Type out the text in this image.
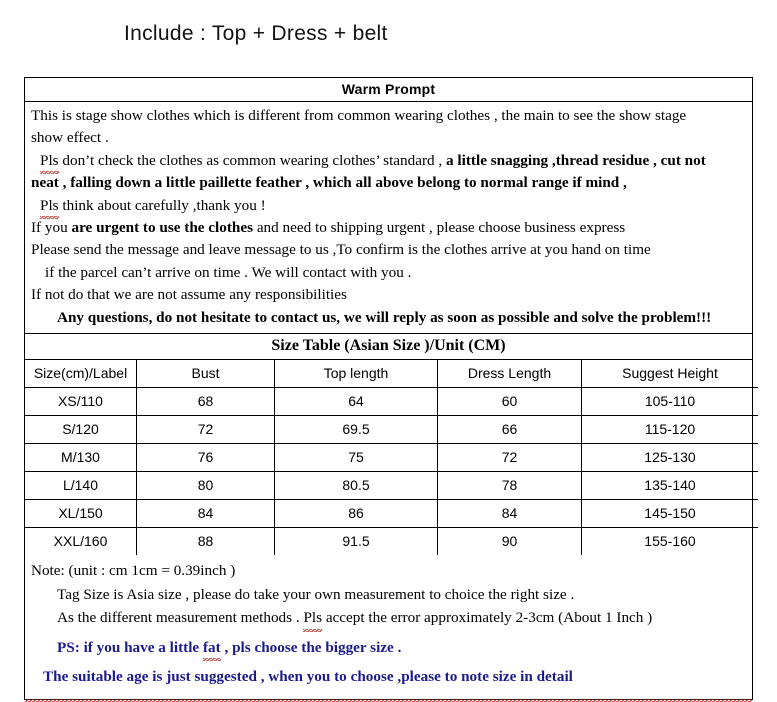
Include : Top + Dress + belt
Warm Prompt

This is stage show clothes which is different from common wearing clothes , the main to see the show stage

show effect .

Pls don’t check the clothes as common wearing clothes’ standard , a little snagging ,thread residue , cut not

neat , falling down a little paillette feather , which all above belong to normal range if mind ,

Pls think about carefully ,thank you !

If you are urgent to use the clothes and need to shipping urgent , please choose business express

Please send the message and leave message to us ,To confirm is the clothes arrive at you hand on time

if the parcel can’t arrive on time . We will contact with you .

If not do that we are not assume any responsibilities

Any questions, do not hesitate to contact us, we will reply as soon as possible and solve the problem!!!

Size Table (Asian Size )/Unit (CM)
Size(cm)/Label	Bust	Top length	Dress Length	Suggest Height
XS/110	68	64	60	105-110
S/120	72	69.5	66	115-120
M/130	76	75	72	125-130
L/140	80	80.5	78	135-140
XL/150	84	86	84	145-150
XXL/160	88	91.5	90	155-160

Note: (unit : cm 1cm = 0.39inch )

Tag Size is Asia size , please do take your own measurement to choice the right size .

As the different measurement methods . Pls accept the error approximately 2-3cm (About 1 Inch )

PS: if you have a little fat , pls choose the bigger size .

The suitable age is just suggested , when you to choose ,please to note size in detail
